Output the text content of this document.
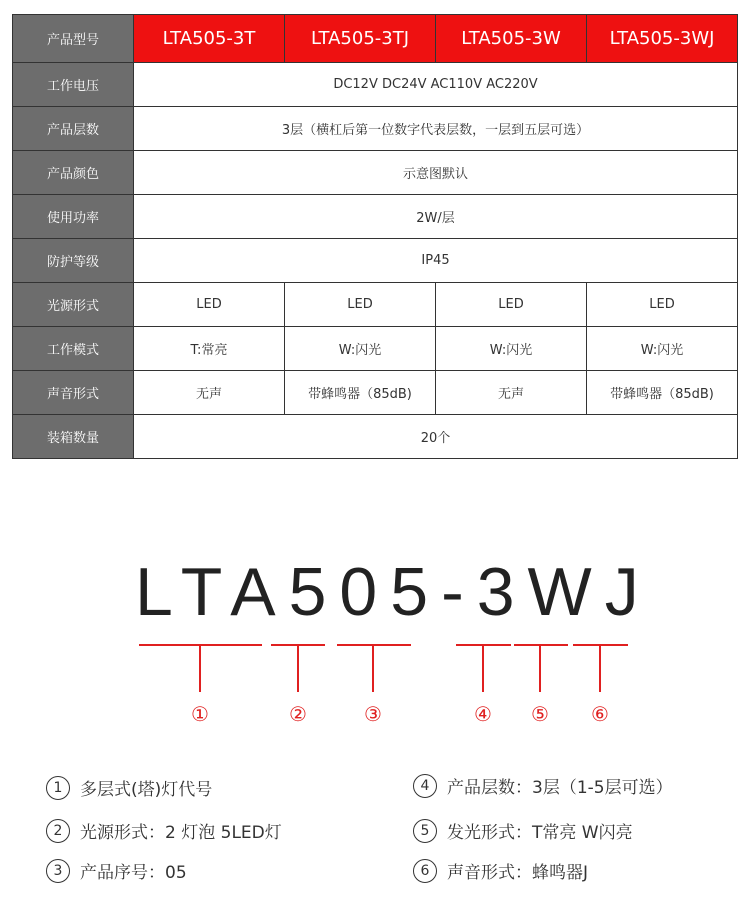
产品型号	LTA505-3T	LTA505-3TJ	LTA505-3W	LTA505-3WJ
工作电压	DC12V DC24V AC110V AC220V			
产品层数	3层（横杠后第一位数字代表层数，一层到五层可选）			
产品颜色	示意图默认			
使用功率	2W/层			
防护等级	IP45			
光源形式	LED	LED	LED	LED
工作模式	T:常亮	W:闪光	W:闪光	W:闪光
声音形式	无声	带蜂鸣器（85dB)	无声	带蜂鸣器（85dB)
装箱数量	20个			
LTA505-3WJ
①	②	③	④ ⑤ ⑥
1 多层式(塔)灯代号
2 光源形式：2 灯泡 5LED灯
3 产品序号：05
4 产品层数：3层（1-5层可选）
5 发光形式：T常亮 W闪亮
6 声音形式：蜂鸣器J
